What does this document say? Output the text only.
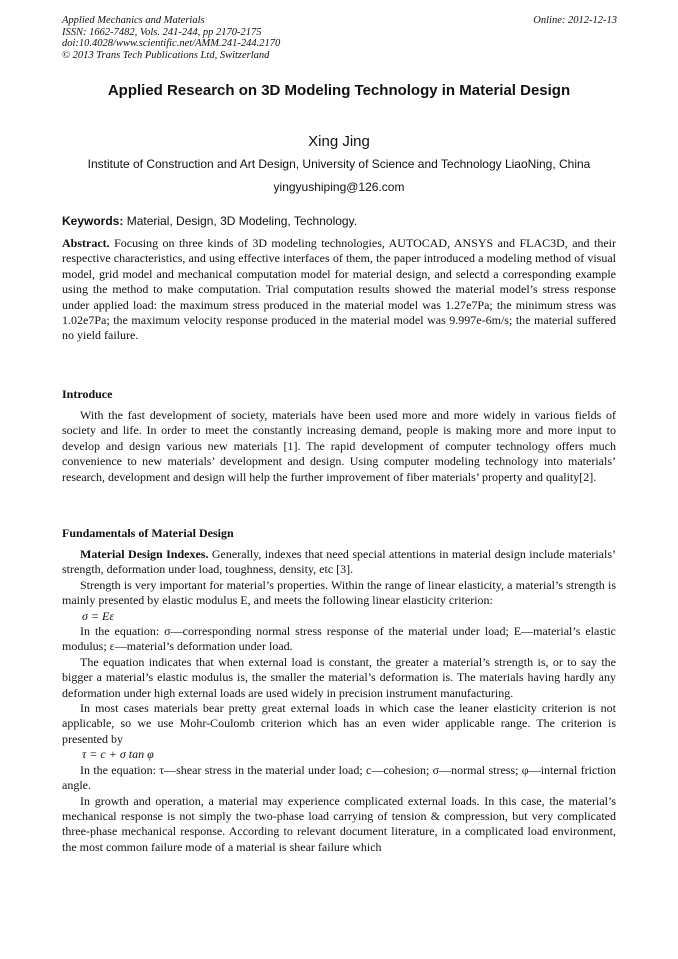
Applied Mechanics and Materials
ISSN: 1662-7482, Vols. 241-244, pp 2170-2175
doi:10.4028/www.scientific.net/AMM.241-244.2170
© 2013 Trans Tech Publications Ltd, Switzerland
Online: 2012-12-13
Applied Research on 3D Modeling Technology in Material Design
Xing Jing
Institute of Construction and Art Design, University of Science and Technology LiaoNing, China
yingyushiping@126.com
Keywords: Material, Design, 3D Modeling, Technology.

Abstract. Focusing on three kinds of 3D modeling technologies, AUTOCAD, ANSYS and FLAC3D, and their respective characteristics, and using effective interfaces of them, the paper introduced a modeling method of visual model, grid model and mechanical computation model for material design, and selectd a corresponding example using the method to make computation. Trial computation results showed the material model’s stress response under applied load: the maximum stress produced in the material model was 1.27e7Pa; the minimum stress was 1.02e7Pa; the maximum velocity response produced in the material model was 9.997e-6m/s; the material suffered no yield failure.

Introduce

With the fast development of society, materials have been used more and more widely in various fields of society and life. In order to meet the constantly increasing demand, people is making more and more input to develop and design various new materials [1]. The rapid development of computer technology offers much convenience to new materials’ development and design. Using computer modeling technology into materials’ research, development and design will help the further improvement of fiber materials’ property and quality[2].

Fundamentals of Material Design

Material Design Indexes. Generally, indexes that need special attentions in material design include materials’ strength, deformation under load, toughness, density, etc [3].

Strength is very important for material’s properties. Within the range of linear elasticity, a material’s strength is mainly presented by elastic modulus E, and meets the following linear elasticity criterion:

σ = Eε

In the equation: σ—corresponding normal stress response of the material under load; E—material’s elastic modulus; ε—material’s deformation under load.

The equation indicates that when external load is constant, the greater a material’s strength is, or to say the bigger a material’s elastic modulus is, the smaller the material’s deformation is. The materials having hardly any deformation under high external loads are used widely in precision instrument manufacturing.

In most cases materials bear pretty great external loads in which case the leaner elasticity criterion is not applicable, so we use Mohr-Coulomb criterion which has an even wider applicable range. The criterion is presented by

τ = c + σ tan φ

In the equation: τ—shear stress in the material under load; c—cohesion; σ—normal stress; φ—internal friction angle.

In growth and operation, a material may experience complicated external loads. In this case, the material’s mechanical response is not simply the two-phase load carrying of tension & compression, but very complicated three-phase mechanical response. According to relevant document literature, in a complicated load environment, the most common failure mode of a material is shear failure which
